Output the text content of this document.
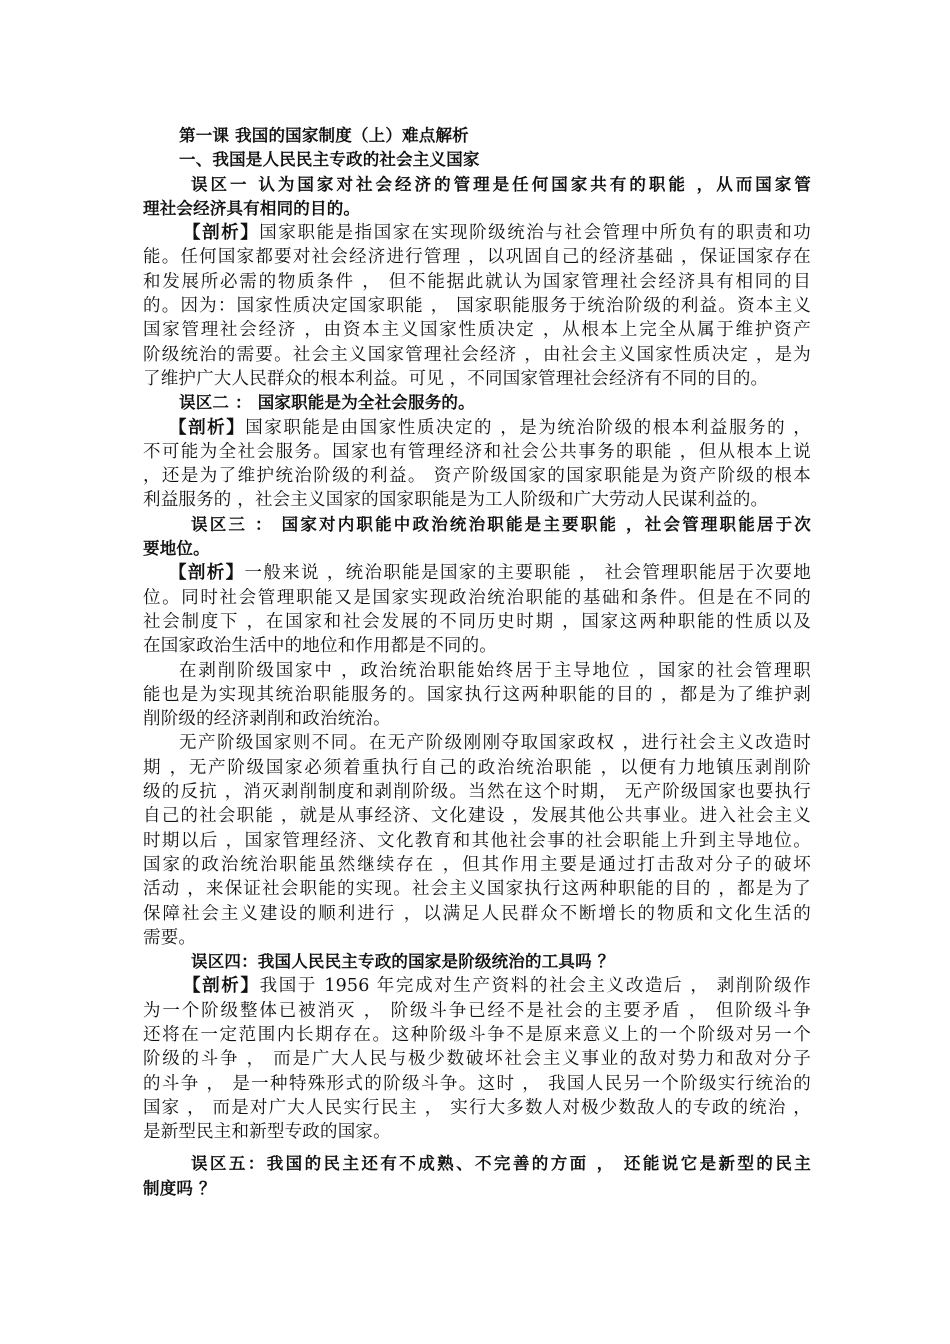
第一课 我国的国家制度（上）难点解析
一、我国是人民民主专政的社会主义国家
误区一 认为国家对社会经济的管理是任何国家共有的职能 ，从而国家管
理社会经济具有相同的目的。
【剖析】国家职能是指国家在实现阶级统治与社会管理中所负有的职责和功
能。任何国家都要对社会经济进行管理 ，以巩固自己的经济基础 ，保证国家存在
和发展所必需的物质条件 ， 但不能据此就认为国家管理社会经济具有相同的目
的。因为：国家性质决定国家职能 ， 国家职能服务于统治阶级的利益。资本主义
国家管理社会经济 ，由资本主义国家性质决定 ，从根本上完全从属于维护资产
阶级统治的需要。社会主义国家管理社会经济 ，由社会主义国家性质决定 ，是为
了维护广大人民群众的根本利益。可见 ，不同国家管理社会经济有不同的目的。
误区二 ： 国家职能是为全社会服务的。
【剖析】国家职能是由国家性质决定的 ，是为统治阶级的根本利益服务的 ，
不可能为全社会服务。国家也有管理经济和社会公共事务的职能 ，但从根本上说
，还是为了维护统治阶级的利益。 资产阶级国家的国家职能是为资产阶级的根本
利益服务的 ，社会主义国家的国家职能是为工人阶级和广大劳动人民谋利益的。
误区三 ： 国家对内职能中政治统治职能是主要职能 ，社会管理职能居于次
要地位。
【剖析】一般来说 ，统治职能是国家的主要职能 ， 社会管理职能居于次要地
位。同时社会管理职能又是国家实现政治统治职能的基础和条件。但是在不同的
社会制度下 ，在国家和社会发展的不同历史时期 ，国家这两种职能的性质以及
在国家政治生活中的地位和作用都是不同的。
在剥削阶级国家中 ，政治统治职能始终居于主导地位 ，国家的社会管理职
能也是为实现其统治职能服务的。国家执行这两种职能的目的 ，都是为了维护剥
削阶级的经济剥削和政治统治。
无产阶级国家则不同。在无产阶级刚刚夺取国家政权 ，进行社会主义改造时
期 ，无产阶级国家必须着重执行自己的政治统治职能 ，以便有力地镇压剥削阶
级的反抗 ，消灭剥削制度和剥削阶级。当然在这个时期， 无产阶级国家也要执行
自己的社会职能 ，就是从事经济、文化建设 ，发展其他公共事业。进入社会主义
时期以后 ，国家管理经济、文化教育和其他社会事的社会职能上升到主导地位。
国家的政治统治职能虽然继续存在 ，但其作用主要是通过打击敌对分子的破坏
活动 ，来保证社会职能的实现。社会主义国家执行这两种职能的目的 ，都是为了
保障社会主义建设的顺利进行 ，以满足人民群众不断增长的物质和文化生活的
需要。
误区四：我国人民民主专政的国家是阶级统治的工具吗 ？
【剖析】我国于 1956 年完成对生产资料的社会主义改造后 ， 剥削阶级作
为一个阶级整体已被消灭 ， 阶级斗争已经不是社会的主要矛盾 ， 但阶级斗争
还将在一定范围内长期存在。这种阶级斗争不是原来意义上的一个阶级对另一个
阶级的斗争 ， 而是广大人民与极少数破坏社会主义事业的敌对势力和敌对分子
的斗争 ， 是一种特殊形式的阶级斗争。这时 ， 我国人民另一个阶级实行统治的
国家 ， 而是对广大人民实行民主 ， 实行大多数人对极少数敌人的专政的统治 ，
是新型民主和新型专政的国家。
误区五：我国的民主还有不成熟、不完善的方面 ， 还能说它是新型的民主
制度吗 ？
